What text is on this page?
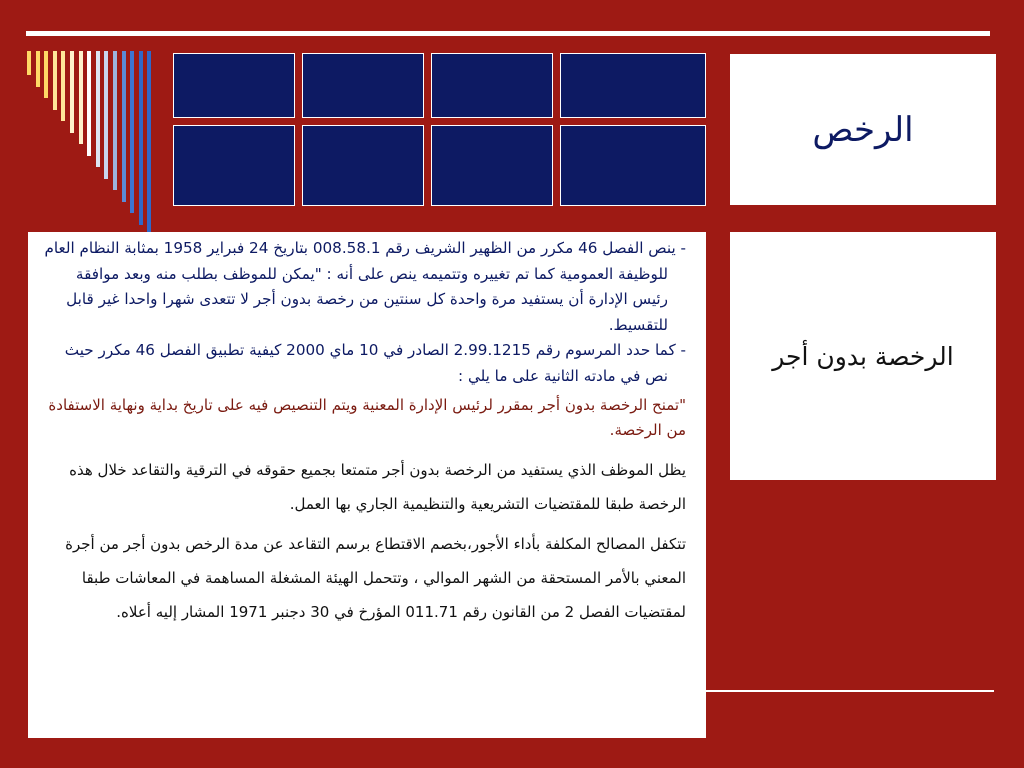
الرخص
الرخصة بدون أجر

- ينص الفصل 46 مكرر من الظهير الشريف رقم 008.58.1 بتاريخ 24 فبراير 1958 بمثابة النظام العام للوظيفة العمومية كما تم تغييره وتتميمه ينص على أنه : "يمكن للموظف بطلب منه وبعد موافقة رئيس الإدارة أن يستفيد مرة واحدة كل سنتين من رخصة بدون أجر لا تتعدى شهرا واحدا غير قابل للتقسيط.

- كما حدد المرسوم رقم 2.99.1215 الصادر في 10 ماي 2000 كيفية تطبيق الفصل 46 مكرر حيث نص في مادته الثانية على ما يلي :

"تمنح الرخصة بدون أجر بمقرر لرئيس الإدارة المعنية ويتم التنصيص فيه على تاريخ بداية ونهاية الاستفادة من الرخصة.

يظل الموظف الذي يستفيد من الرخصة بدون أجر متمتعا بجميع حقوقه في الترقية والتقاعد خلال هذه الرخصة طبقا للمقتضيات التشريعية والتنظيمية الجاري بها العمل.

تتكفل المصالح المكلفة بأداء الأجور،بخصم الاقتطاع برسم التقاعد عن مدة الرخص بدون أجر من أجرة المعني بالأمر المستحقة من الشهر الموالي ، وتتحمل الهيئة المشغلة المساهمة في المعاشات طبقا لمقتضيات الفصل 2 من القانون رقم 011.71 المؤرخ في 30 دجنبر 1971 المشار إليه أعلاه.
